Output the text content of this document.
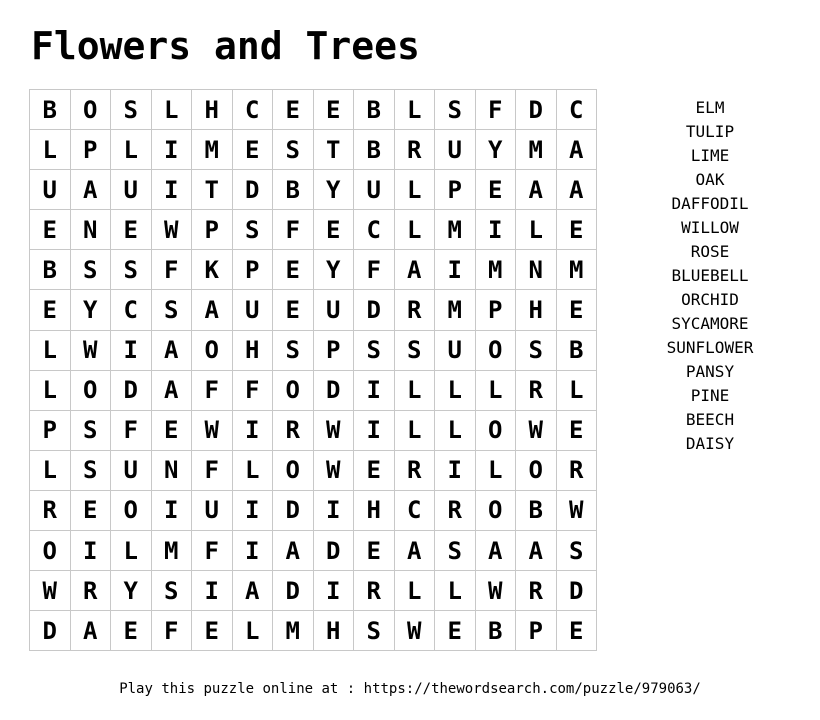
Flowers and Trees
B	O	S	L	H	C	E	E	B	L	S	F	D	C
L	P	L	I	M	E	S	T	B	R	U	Y	M	A
U	A	U	I	T	D	B	Y	U	L	P	E	A	A
E	N	E	W	P	S	F	E	C	L	M	I	L	E
B	S	S	F	K	P	E	Y	F	A	I	M	N	M
E	Y	C	S	A	U	E	U	D	R	M	P	H	E
L	W	I	A	O	H	S	P	S	S	U	O	S	B
L	O	D	A	F	F	O	D	I	L	L	L	R	L
P	S	F	E	W	I	R	W	I	L	L	O	W	E
L	S	U	N	F	L	O	W	E	R	I	L	O	R
R	E	O	I	U	I	D	I	H	C	R	O	B	W
O	I	L	M	F	I	A	D	E	A	S	A	A	S
W	R	Y	S	I	A	D	I	R	L	L	W	R	D
D	A	E	F	E	L	M	H	S	W	E	B	P	E
ELM
TULIP
LIME
OAK
DAFFODIL
WILLOW
ROSE
BLUEBELL
ORCHID
SYCAMORE
SUNFLOWER
PANSY
PINE
BEECH
DAISY
Play this puzzle online at : https://thewordsearch.com/puzzle/979063/
